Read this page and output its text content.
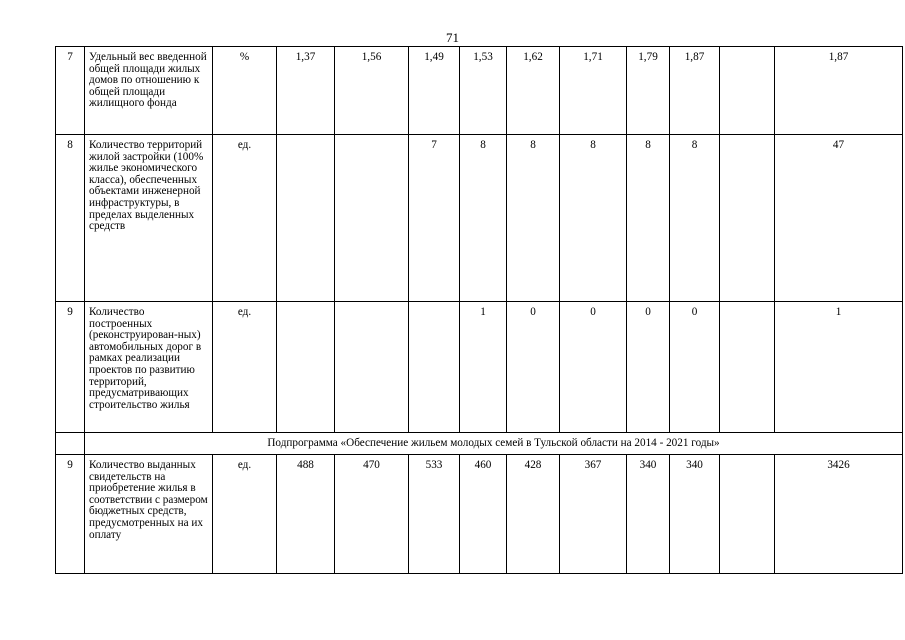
71
7	Удельный вес введенной общей площади жилых домов по отношению к общей площади жилищного фонда	%	1,37	1,56	1,49	1,53	1,62	1,71	1,79	1,87		1,87
8	Количество территорий жилой застройки (100% жилье экономического класса), обеспеченных объектами инженерной инфраструктуры, в пределах выделенных средств	ед.			7	8	8	8	8	8		47
9	Количество построенных (реконструирован-ных) автомобильных дорог в рамках реализации проектов по развитию территорий, предусматривающих строительство жилья	ед.				1	0	0	0	0		1
	Подпрограмма «Обеспечение жильем молодых семей в Тульской области на 2014 - 2021 годы»											
9	Количество выданных свидетельств на приобретение жилья в соответствии с размером бюджетных средств, предусмотренных на их оплату	ед.	488	470	533	460	428	367	340	340		3426
